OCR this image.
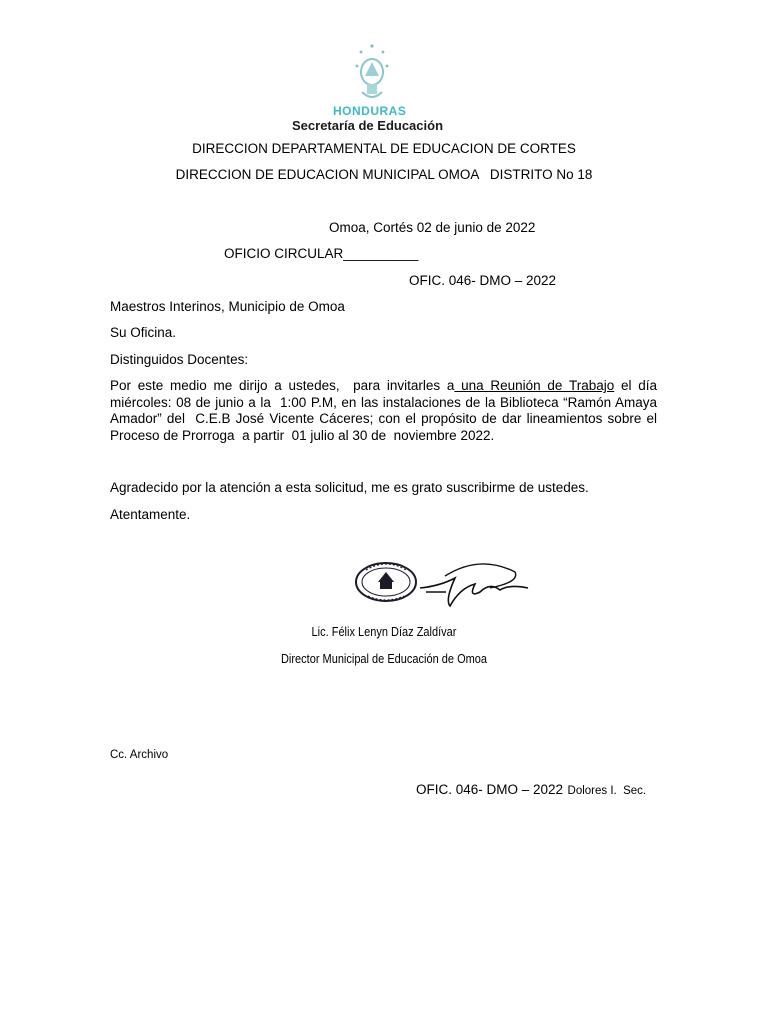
HONDURAS
Secretaría de Educación
DIRECCION DEPARTAMENTAL DE EDUCACION DE CORTES
DIRECCION DE EDUCACION MUNICIPAL OMOA   DISTRITO No 18
Omoa, Cortés 02 de junio de 2022
OFICIO CIRCULAR__________
OFIC. 046- DMO – 2022
Maestros Interinos, Municipio de Omoa
Su Oficina.
Distinguidos Docentes:
Por este medio me dirijo a ustedes,  para invitarles a una Reunión de Trabajo el día miércoles: 08 de junio a la  1:00 P.M, en las instalaciones de la Biblioteca “Ramón Amaya Amador” del  C.E.B José Vicente Cáceres; con el propósito de dar lineamientos sobre el Proceso de Prorroga  a partir  01 julio al 30 de  noviembre 2022.
Agradecido por la atención a esta solicitud, me es grato suscribirme de ustedes.
Atentamente.
Lic. Félix Lenyn Díaz Zaldívar
Director Municipal de Educación de Omoa
Cc. Archivo
OFIC. 046- DMO – 2022 Dolores I.  Sec.
